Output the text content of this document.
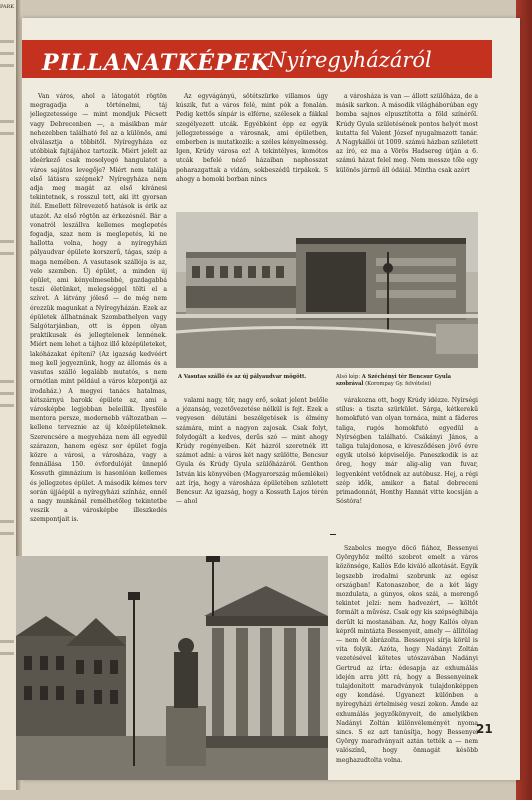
PARK
PILLANATKÉPEK
Nyíregyházáról

Van város, ahol a látogatót rögtön megragadja a történelmi, táj jellegzetessége — mint mondjuk Pécsett vagy Debrecenben —, a másikban már nehezebben található fel az a különös, ami elválasztja a többitől. Nyíregyháza ez utóbbiak fajtájához tartozik. Miért jelelt az ideérkező csak mosolyogó hangulatot a város sajátos levegője? Miért nem találja első látásra szépnek? Nyíregyháza nem adja meg magát az első kívánesi tekintetnek, s rosszul tett, aki itt gyorsan ítél. Emellett félrevezető hatások is érik az utazót. Az első rögtön az érkezésnél. Bár a vonatról leszállva kellemes meglepetés fogadja, szaz nem is meglepetés, ki ne hallotta volna, hogy a nyíregyházi pályaudvar épülete korszerű, tágas, szép a maga nemében. A vasutasok szállója is az, vele szemben. Új épület, a minden új épület, ami kényelmesebbé, gazdagabbá teszi életünket, melegséggel tölti el a szívet. A látvány jóleső — de még nem érezzük magunkat a Nyíregyházán. Ezek az épületek állhatnának Szombathelyen vagy Salgótarjánban, ott is éppen olyan praktikusak és jellegtelenek lennének. Miért nem lehet a tájhoz illő középületeket, lakóházakat építeni? (Az igazság kedvéért meg kell jegyeznünk, hogy az állomás és a vasutas szálló legalább mutatós, s nem ormótlan mint például a város központjá az irodaház.) A megyei tanács hatalmas, kétszárnyú barokk épülete az, ami a városképbe legjobban beleillik. Ilyesféle mentora persze, modernebb változatban — kellene terveznie az új középületeknek. Szerencsére a megyeháza nem áll egyedül szárazon, hanem egész sor épület fogja közre a városi, a városháza, vagy a fennállása 150. évfordulóját ünneplő Kossuth gimnázium is hasonlóan kellemes és jellegzetes épület. A második kémes terv során újjáépül a nyíregyházi színház, ennél a nagy munkánál remélhetőleg tekintetbe veszik a városképbe illeszkedés szempontjait is.

Az egyvágányú, sötétszürke villamos úgy kúszik, fut a város felé, mint pók a fonalán. Pedig kettős sínpár is elférne, szélesek a fákkal szegélyezett utcák. Egyébként épp ez egyik jellegzetessége a városnak, ami épületben, emberben is mutatkozik: a széles kényelmesség. Igen, Krúdy városa ez! A tekintélyes, komótos utcák befelé néző házaiban naphosszat poharazgattak a vidám, sokbeszédű tirpákok. S ahogy a homoki borban nincs

a városháza is van — állott szülőháza, de a másik sarkon. A második világháborúban egy bomba sajnos elpusztította a föld színéről. Krúdy Gyula születésének pontos helyét most kutatta fel Valent József nyugalmazott tanár. A Nagykállói út 1009. számú házban született az író, ez ma a Vörös Hadsereg útján a 6. számú házat felel meg. Nem messze tőle egy különös jármű áll ódáiál. Mintha csak azért

A Vasutas szálló és az új pályaudvar mögött.	Alsó kép: A Széchényi tér Bencsur Gyula szobrával (Korompay Gy. felvételei)

valami nagy, tör, nagy erő, sokat jelent belőle a józanság, vezetővezetése nélkül is fejt. Ezek a vegyesen délutáni beszélgetések is élmény számára, mint a nagyon zajosak. Csak folyt, folydogált a kedves, derűs szó — mint ahogy Krúdy regényeiben. Két házról szeretnék itt számot adni: a város két nagy szülötte, Bencsur Gyula és Krúdy Gyula szülőházáról. Genthon István kis könyvében (Magyarország műemlékei) azt írja, hogy a városháza épületében született Bencsur. Az igazság, hogy a Kossuth Lajos térén — ahol

várakozna ott, hogy Krúdy idézze. Nyírségi stílus: a tiszta szürkület. Sárga, kétkerekű homokfutó van olyan tornáca, mint a fáderes taliga, rugós homokfutó egyedül a Nyírségben található. Csákányi János, a taliga tulajdonosa, e kivesződésen jövő évre egyik utolsó képviselője. Paneszkodik is az öreg, hogy már alig-alig van fuvar, legyenként vetődnek az autóbusz. Hej, a régi szép idők, amikor a fiatal debreceni primadonnát, Honthy Hannát vitte kocsiján a Sóstóra!

Szabolcs megye döcö fiához, Bessenyei Györgyhöz méltó szobrot emelt a város közönsége, Kallós Ede kiváló alkotását. Egyik legszebb irodalmi szobrunk az egész országban! Katonaszobor, de a két lágy mozdulata, a gúnyos, okos szái, a merengő tekintet jelzi: nem hadvezért, — költőt formált a művész. Csak egy kis szépséghibája derült ki mostanában. Az, hogy Kallós olyan képről mintázta Bessenyeit, amely — állítólag — nem őt ábrázolta. Bessenyei sírja körül is vita folyik. Azóta, hogy Nadányi Zoltán vezetésével kötetes utószavában Nadányi Gertrud az írta: édesapja az exhumálás idején arra jött rá, hogy a Bessenyeinek tulajdonított maradványok tulajdonképpen egy kondásé. Ugyanezt különben a nyíregyházi értelmiség veszi zokon. Ámde az exhumálás jegyzőkönyveit, de amelyikben Nadányi Zoltán különvéleményét nyoma sincs. S ez azt tanúsítja, hogy Bessenyei György maradványait aztán tették a — nem valószínű, hogy önmagát késöbb meghazudtolta volna.

21
